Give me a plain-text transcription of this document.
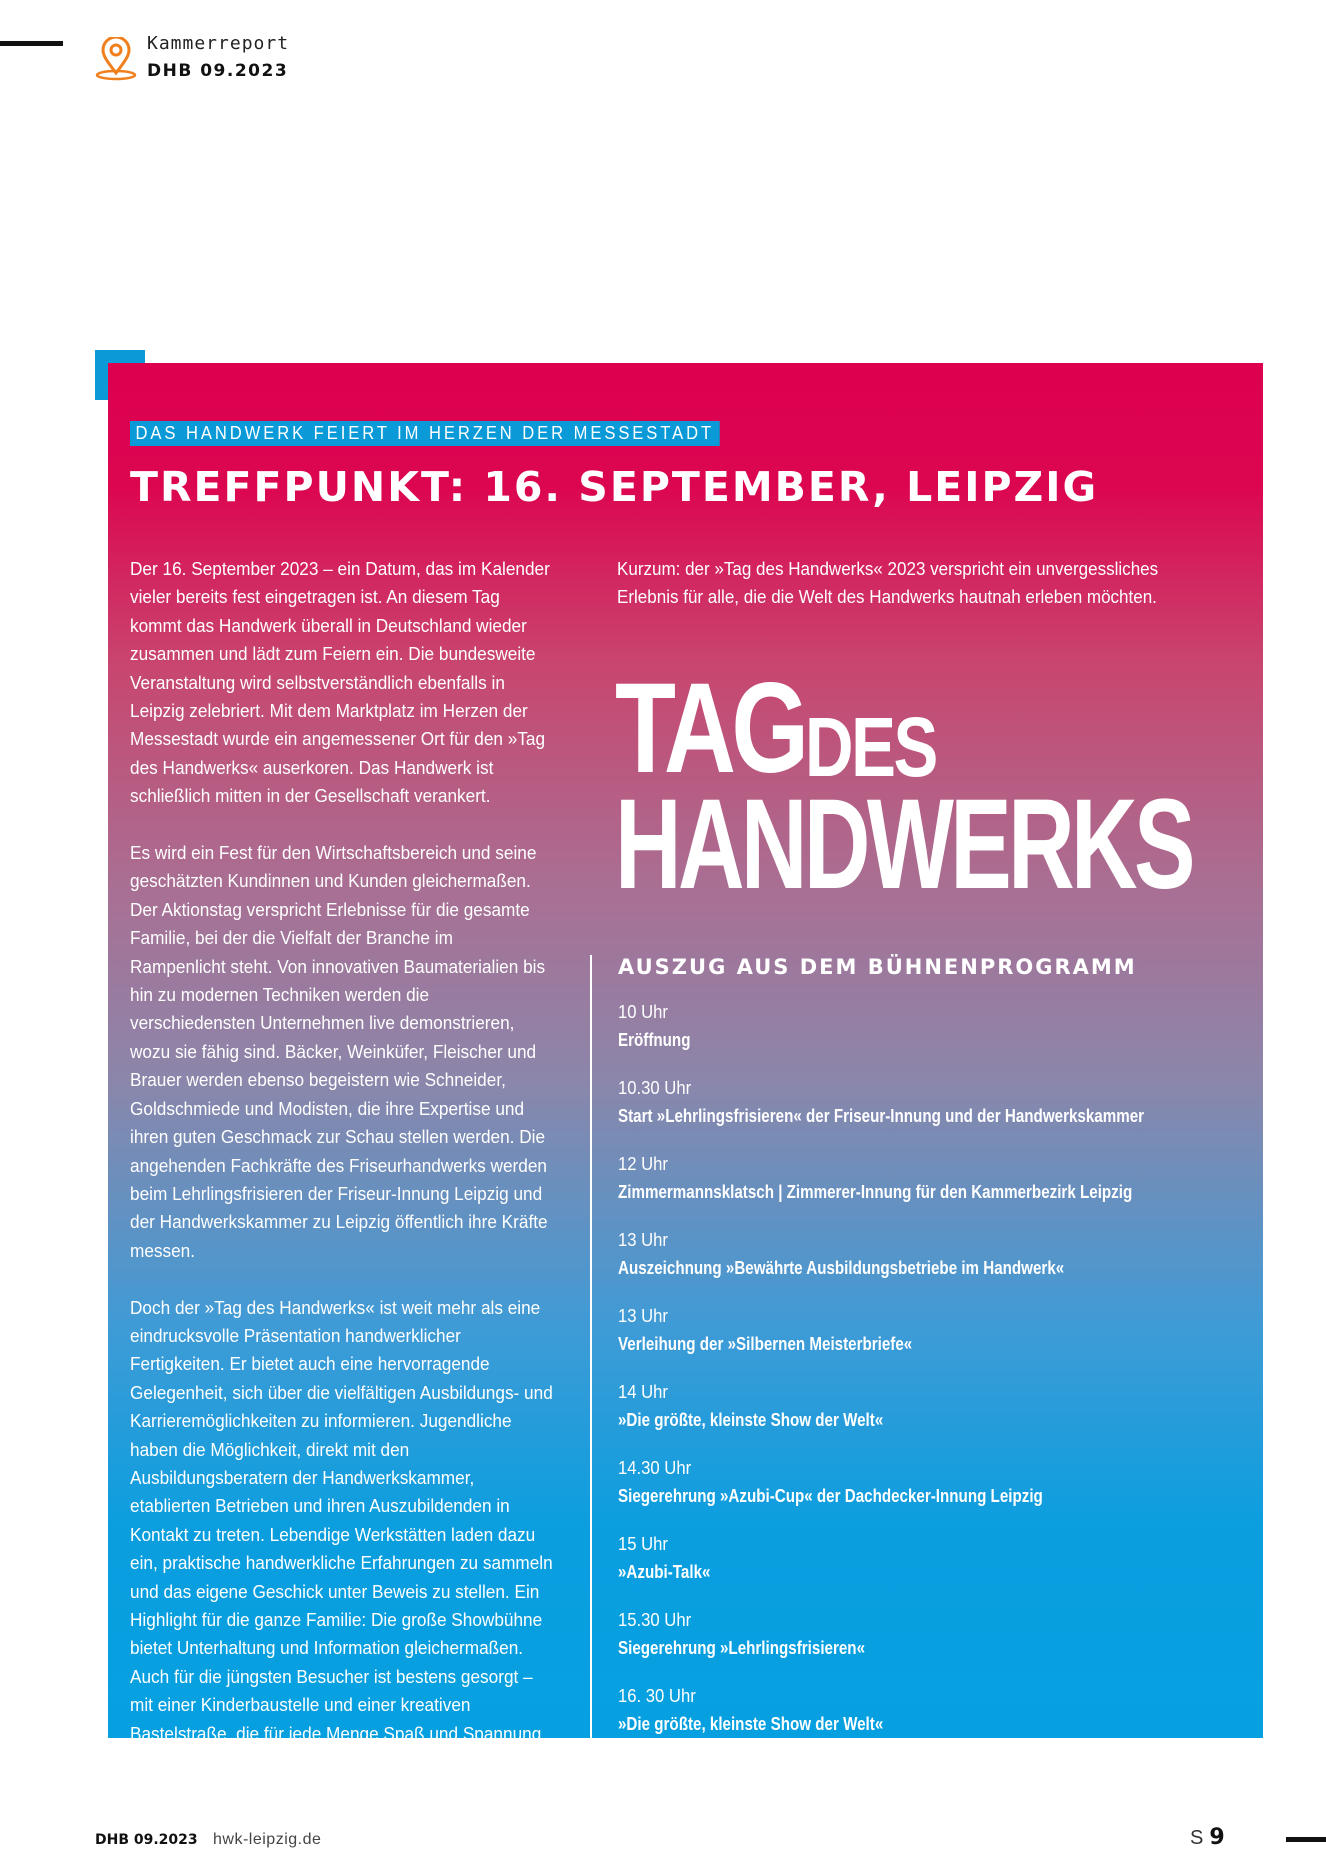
Kammerreport
DHB 09.2023
DAS HANDWERK FEIERT IM HERZEN DER MESSESTADT
TREFFPUNKT: 16. SEPTEMBER, LEIPZIG

Der 16. September 2023 – ein Datum, das im Kalender vieler bereits fest eingetragen ist. An diesem Tag kommt das Handwerk überall in Deutschland wieder zusammen und lädt zum Feiern ein. Die bundesweite Veranstaltung wird selbstverständlich ebenfalls in Leipzig zelebriert. Mit dem Marktplatz im Herzen der Messestadt wurde ein angemessener Ort für den »Tag des Handwerks« auserkoren. Das Handwerk ist schließlich mitten in der Gesellschaft verankert.

Es wird ein Fest für den Wirtschaftsbereich und seine geschätzten Kundinnen und Kunden gleichermaßen. Der Aktionstag verspricht Erlebnisse für die gesamte Familie, bei der die Vielfalt der Branche im Rampenlicht steht. Von innovativen Baumaterialien bis hin zu modernen Techniken werden die verschiedensten Unternehmen live demonstrieren, wozu sie fähig sind. Bäcker, Weinküfer, Fleischer und Brauer werden ebenso begeistern wie Schneider, Goldschmiede und Modisten, die ihre Expertise und ihren guten Geschmack zur Schau stellen werden. Die angehenden Fachkräfte des Friseurhandwerks werden beim Lehrlingsfrisieren der Friseur-Innung Leipzig und der Handwerkskammer zu Leipzig öffentlich ihre Kräfte messen.

Doch der »Tag des Handwerks« ist weit mehr als eine eindrucksvolle Präsentation handwerklicher Fertigkeiten. Er bietet auch eine hervorragende Gelegenheit, sich über die vielfältigen Ausbildungs- und Karrieremöglichkeiten zu informieren. Jugendliche haben die Möglichkeit, direkt mit den Ausbildungsberatern der Handwerkskammer, etablierten Betrieben und ihren Auszubildenden in Kontakt zu treten. Lebendige Werkstätten laden dazu ein, praktische handwerkliche Erfahrungen zu sammeln und das eigene Geschick unter Beweis zu stellen. Ein Highlight für die ganze Familie: Die große Showbühne bietet Unterhaltung und Information gleichermaßen. Auch für die jüngsten Besucher ist bestens gesorgt – mit einer Kinderbaustelle und einer kreativen Bastelstraße, die für jede Menge Spaß und Spannung sorgen werden.

Kurzum: der »Tag des Handwerks« 2023 verspricht ein unvergessliches Erlebnis für alle, die die Welt des Handwerks hautnah erleben möchten.
TAG DES
HANDWERKS
AUSZUG AUS DEM BÜHNENPROGRAMM
10 Uhr
Eröffnung
10.30 Uhr
Start »Lehrlingsfrisieren« der Friseur-Innung und der Handwerkskammer
12 Uhr
Zimmermannsklatsch | Zimmerer-Innung für den Kammerbezirk Leipzig
13 Uhr
Auszeichnung »Bewährte Ausbildungsbetriebe im Handwerk«
13 Uhr
Verleihung der »Silbernen Meisterbriefe«
14 Uhr
»Die größte, kleinste Show der Welt«
14.30 Uhr
Siegerehrung »Azubi-Cup« der Dachdecker-Innung Leipzig
15 Uhr
»Azubi-Talk«
15.30 Uhr
Siegerehrung »Lehrlingsfrisieren«
16. 30 Uhr
»Die größte, kleinste Show der Welt«
DHB 09.2023 hwk-leipzig.de	S 9
